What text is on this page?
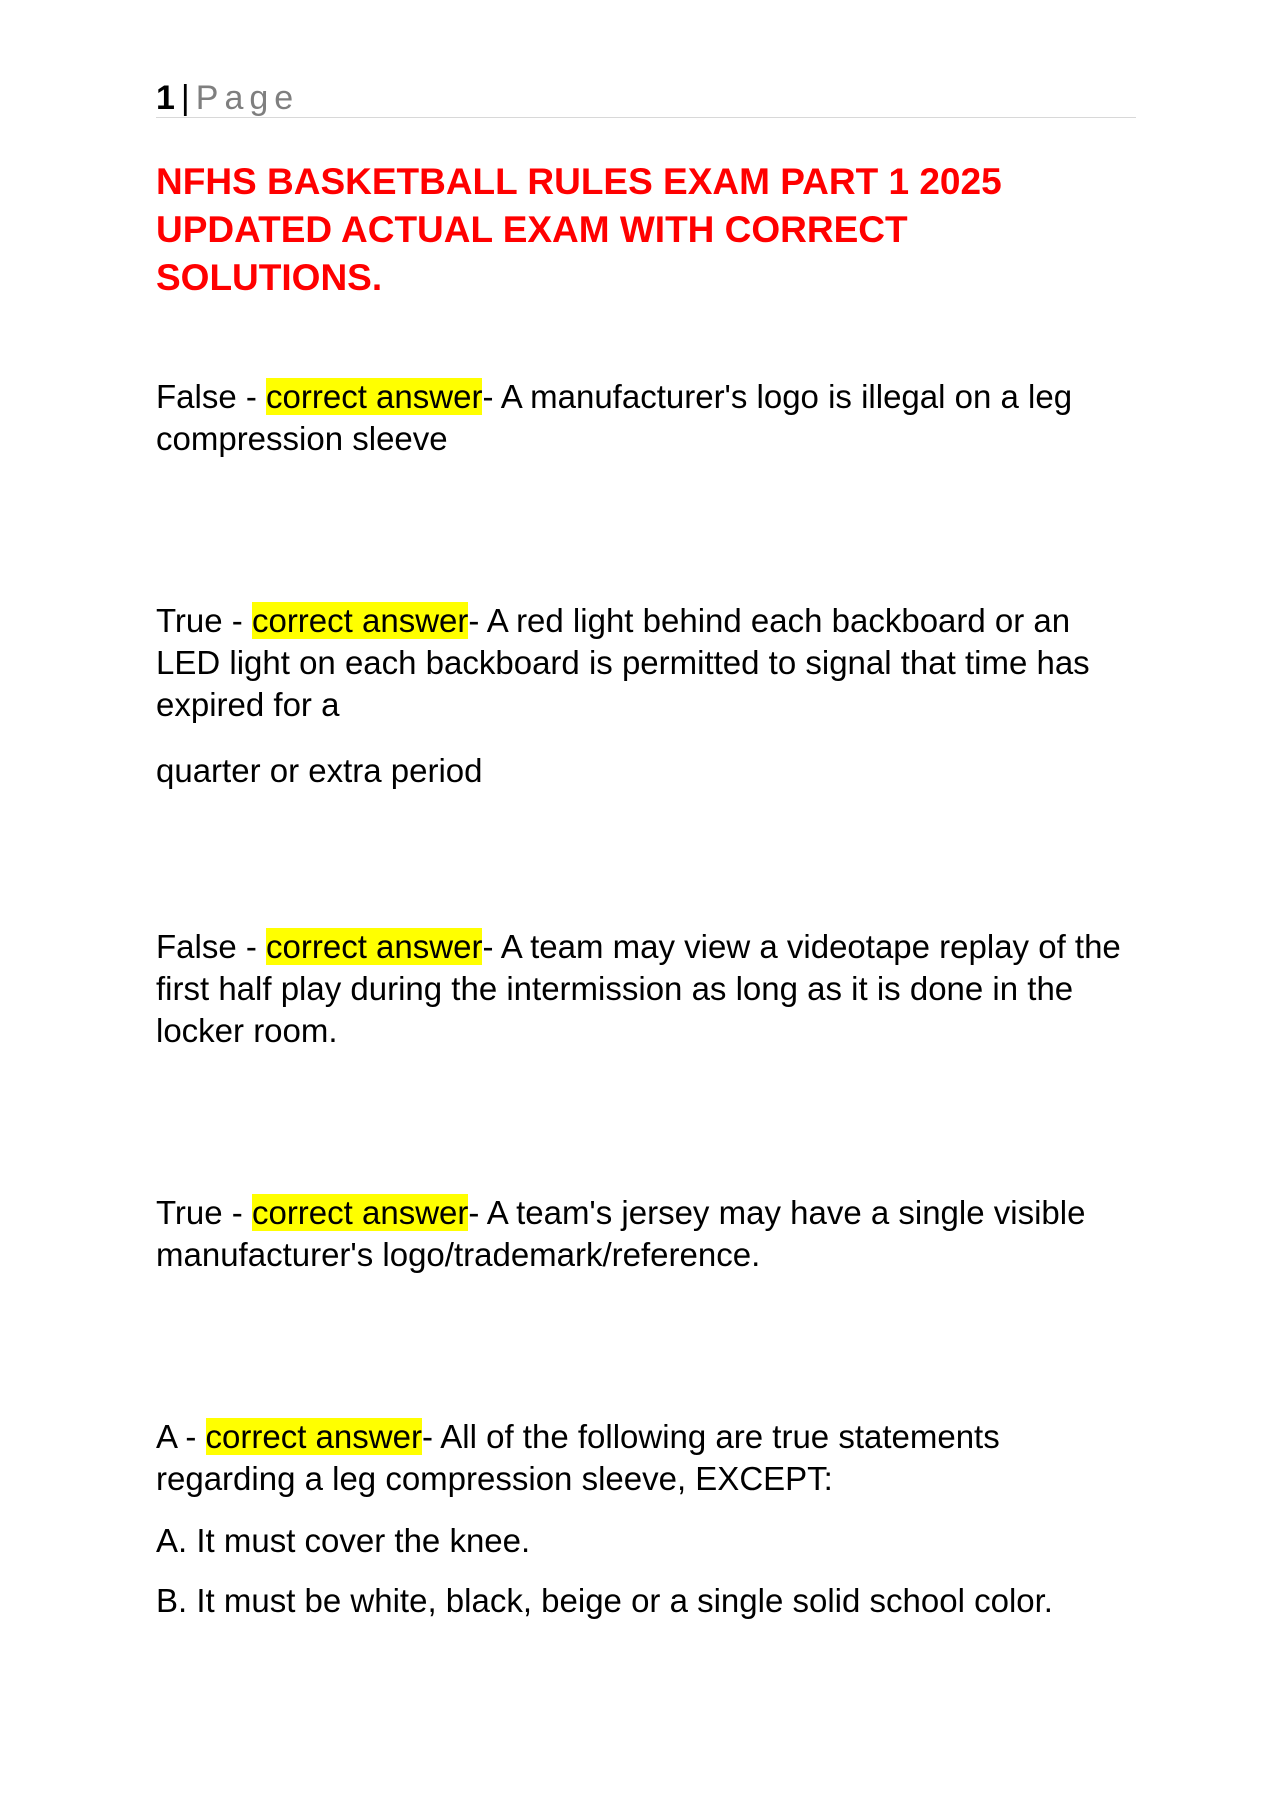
1 | Page
NFHS BASKETBALL RULES EXAM PART 1 2025 UPDATED ACTUAL EXAM WITH CORRECT SOLUTIONS.

False - correct answer- A manufacturer's logo is illegal on a leg compression sleeve

True - correct answer- A red light behind each backboard or an LED light on each backboard is permitted to signal that time has expired for a

quarter or extra period

False - correct answer- A team may view a videotape replay of the first half play during the intermission as long as it is done in the locker room.

True - correct answer- A team's jersey may have a single visible manufacturer's logo/trademark/reference.

A - correct answer- All of the following are true statements regarding a leg compression sleeve, EXCEPT:

A. It must cover the knee.

B. It must be white, black, beige or a single solid school color.
